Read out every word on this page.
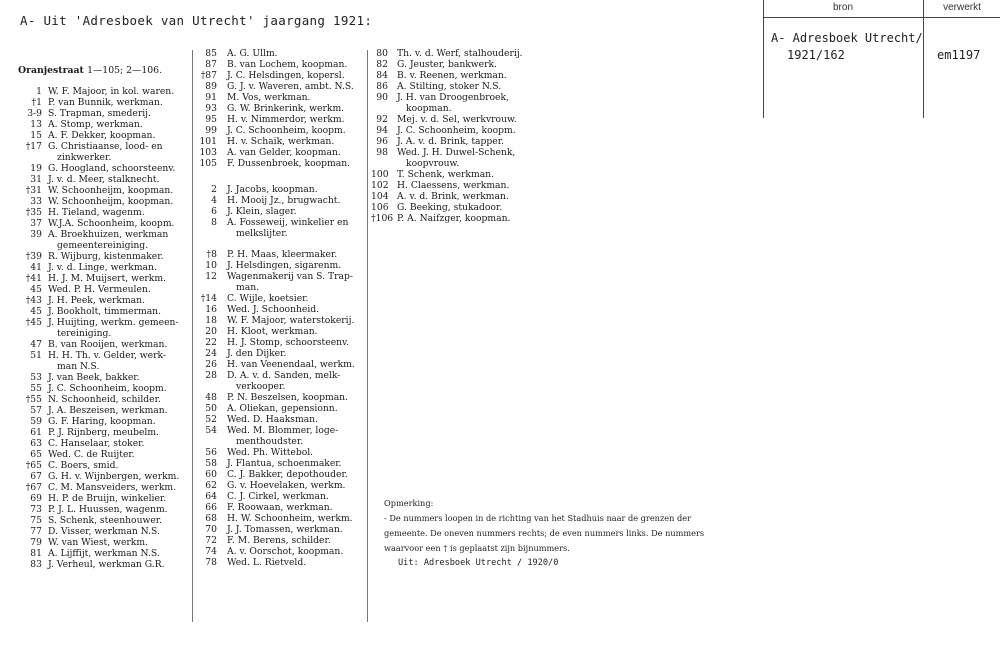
A- Uit 'Adresboek van Utrecht' jaargang 1921:
bron	verwerkt
A- Adresboek Utrecht/
1921/162	em1197
Oranjestraat 1—105; 2—106.
1 W. F. Majoor, in kol. waren.
†1 P. van Bunnik, werkman.
3-9 S. Trapman, smederij.
13 A. Stomp, werkman.
15 A. F. Dekker, koopman.
†17 G. Christiaanse, lood- en
zinkwerker.
19 G. Hoogland, schoorsteenv.
31 J. v. d. Meer, stalknecht.
†31 W. Schoonheijm, koopman.
33 W. Schoonheijm, koopman.
†35 H. Tieland, wagenm.
37 W.J.A. Schoonheim, koopm.
39 A. Broekhuizen, werkman
gemeentereiniging.
†39 R. Wijburg, kistenmaker.
41 J. v. d. Linge, werkman.
†41 H. J. M. Muijsert, werkm.
45 Wed. P. H. Vermeulen.
†43 J. H. Peek, werkman.
45 J. Bookholt, timmerman.
†45 J. Huijting, werkm. gemeen-
tereiniging.
47 B. van Rooijen, werkman.
51 H. H. Th. v. Gelder, werk-
man N.S.
53 J. van Beek, bakker.
55 J. C. Schoonheim, koopm.
†55 N. Schoonheid, schilder.
57 J. A. Beszeisen, werkman.
59 G. F. Haring, koopman.
61 P. J. Rijnberg, meubelm.
63 C. Hanselaar, stoker.
65 Wed. C. de Ruijter.
†65 C. Boers, smid.
67 G. H. v. Wijnbergen, werkm.
†67 C. M. Mansveiders, werkm.
69 H. P. de Bruijn, winkelier.
73 P. J. L. Huussen, wagenm.
75 S. Schenk, steenhouwer.
77 D. Visser, werkman N.S.
79 W. van Wiest, werkm.
81 A. Lijffijt, werkman N.S.
83 J. Verheul, werkman G.R.
85 A. G. Ullm.
87 B. van Lochem, koopman.
†87 J. C. Helsdingen, kopersl.
89 G. J. v. Waveren, ambt. N.S.
91 M. Vos, werkman.
93 G. W. Brinkerink, werkm.
95 H. v. Nimmerdor, werkm.
99 J. C. Schoonheim, koopm.
101 H. v. Schaik, werkman.
103 A. van Gelder, koopman.
105 F. Dussenbroek, koopman.
2 J. Jacobs, koopman.
4 H. Mooij Jz., brugwacht.
6 J. Klein, slager.
8 A. Fosseweij, winkelier en
melkslijter.
†8 P. H. Maas, kleermaker.
10 J. Helsdingen, sigarenm.
12 Wagenmakerij van S. Trap-
man.
†14 C. Wijle, koetsier.
16 Wed. J. Schoonheid.
18 W. F. Majoor, waterstokerij.
20 H. Kloot, werkman.
22 H. J. Stomp, schoorsteenv.
24 J. den Dijker.
26 H. van Veenendaal, werkm.
28 D. A. v. d. Sanden, melk-
verkooper.
48 P. N. Beszelsen, koopman.
50 A. Oliekan, gepensionn.
52 Wed. D. Haaksman.
54 Wed. M. Blommer, loge-
menthoudster.
56 Wed. Ph. Wittebol.
58 J. Flantua, schoenmaker.
60 C. J. Bakker, depothouder.
62 G. v. Hoevelaken, werkm.
64 C. J. Cirkel, werkman.
66 F. Roowaan, werkman.
68 H. W. Schoonheim, werkm.
70 J. J. Tomassen, werkman.
72 F. M. Berens, schilder.
74 A. v. Oorschot, koopman.
78 Wed. L. Rietveld.
80 Th. v. d. Werf, stalhouderij.
82 G. Jeuster, bankwerk.
84 B. v. Reenen, werkman.
86 A. Stilting, stoker N.S.
90 J. H. van Droogenbroek,
koopman.
92 Mej. v. d. Sel, werkvrouw.
94 J. C. Schoonheim, koopm.
96 J. A. v. d. Brink, tapper.
98 Wed. J. H. Duwel-Schenk,
koopvrouw.
100 T. Schenk, werkman.
102 H. Claessens, werkman.
104 A. v. d. Brink, werkman.
106 G. Beeking, stukadoor.
†106 P. A. Naifzger, koopman.
Opmerking:
- De nummers loopen in de richting van het Stadhuis naar de grenzen der
gemeente. De oneven nummers rechts; de even nummers links. De nummers
waarvoor een † is geplaatst zijn bijnummers.
Uit: Adresboek Utrecht / 1920/0
